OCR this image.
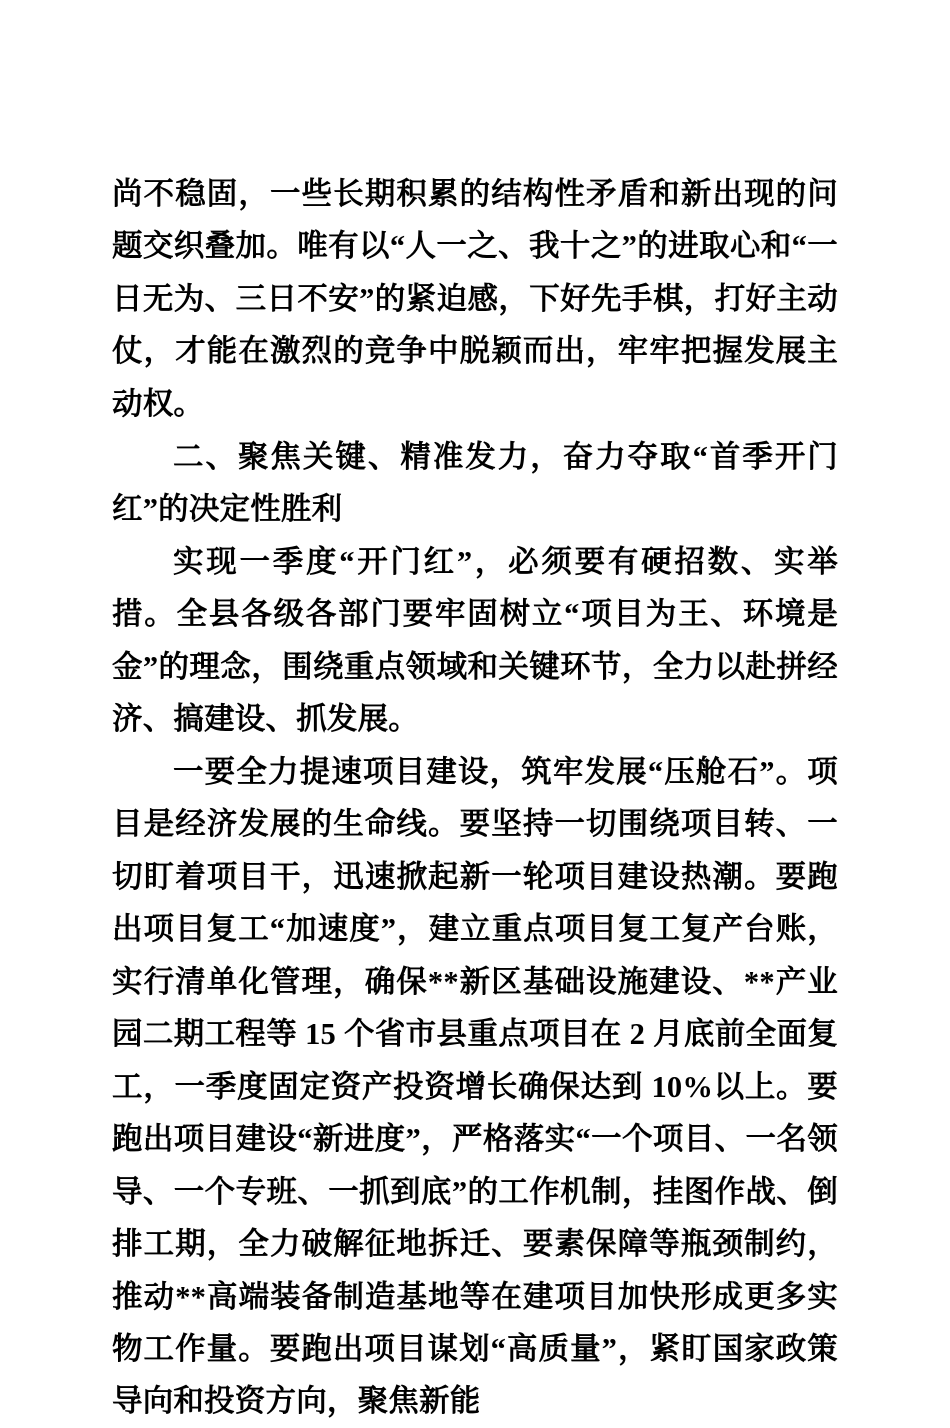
尚不稳固，一些长期积累的结构性矛盾和新出现的问题交织叠加。唯有以“人一之、我十之”的进取心和“一日无为、三日不安”的紧迫感，下好先手棋，打好主动仗，才能在激烈的竞争中脱颖而出，牢牢把握发展主动权。

二、聚焦关键、精准发力，奋力夺取“首季开门红”的决定性胜利

实现一季度“开门红”，必须要有硬招数、实举措。全县各级各部门要牢固树立“项目为王、环境是金”的理念，围绕重点领域和关键环节，全力以赴拼经济、搞建设、抓发展。

一要全力提速项目建设，筑牢发展“压舱石”。项目是经济发展的生命线。要坚持一切围绕项目转、一切盯着项目干，迅速掀起新一轮项目建设热潮。要跑出项目复工“加速度”，建立重点项目复工复产台账，实行清单化管理，确保**新区基础设施建设、**产业园二期工程等 15 个省市县重点项目在 2 月底前全面复工，一季度固定资产投资增长确保达到 10%以上。要跑出项目建设“新进度”，严格落实“一个项目、一名领导、一个专班、一抓到底”的工作机制，挂图作战、倒排工期，全力破解征地拆迁、要素保障等瓶颈制约，推动**高端装备制造基地等在建项目加快形成更多实物工作量。要跑出项目谋划“高质量”，紧盯国家政策导向和投资方向，聚焦新能
